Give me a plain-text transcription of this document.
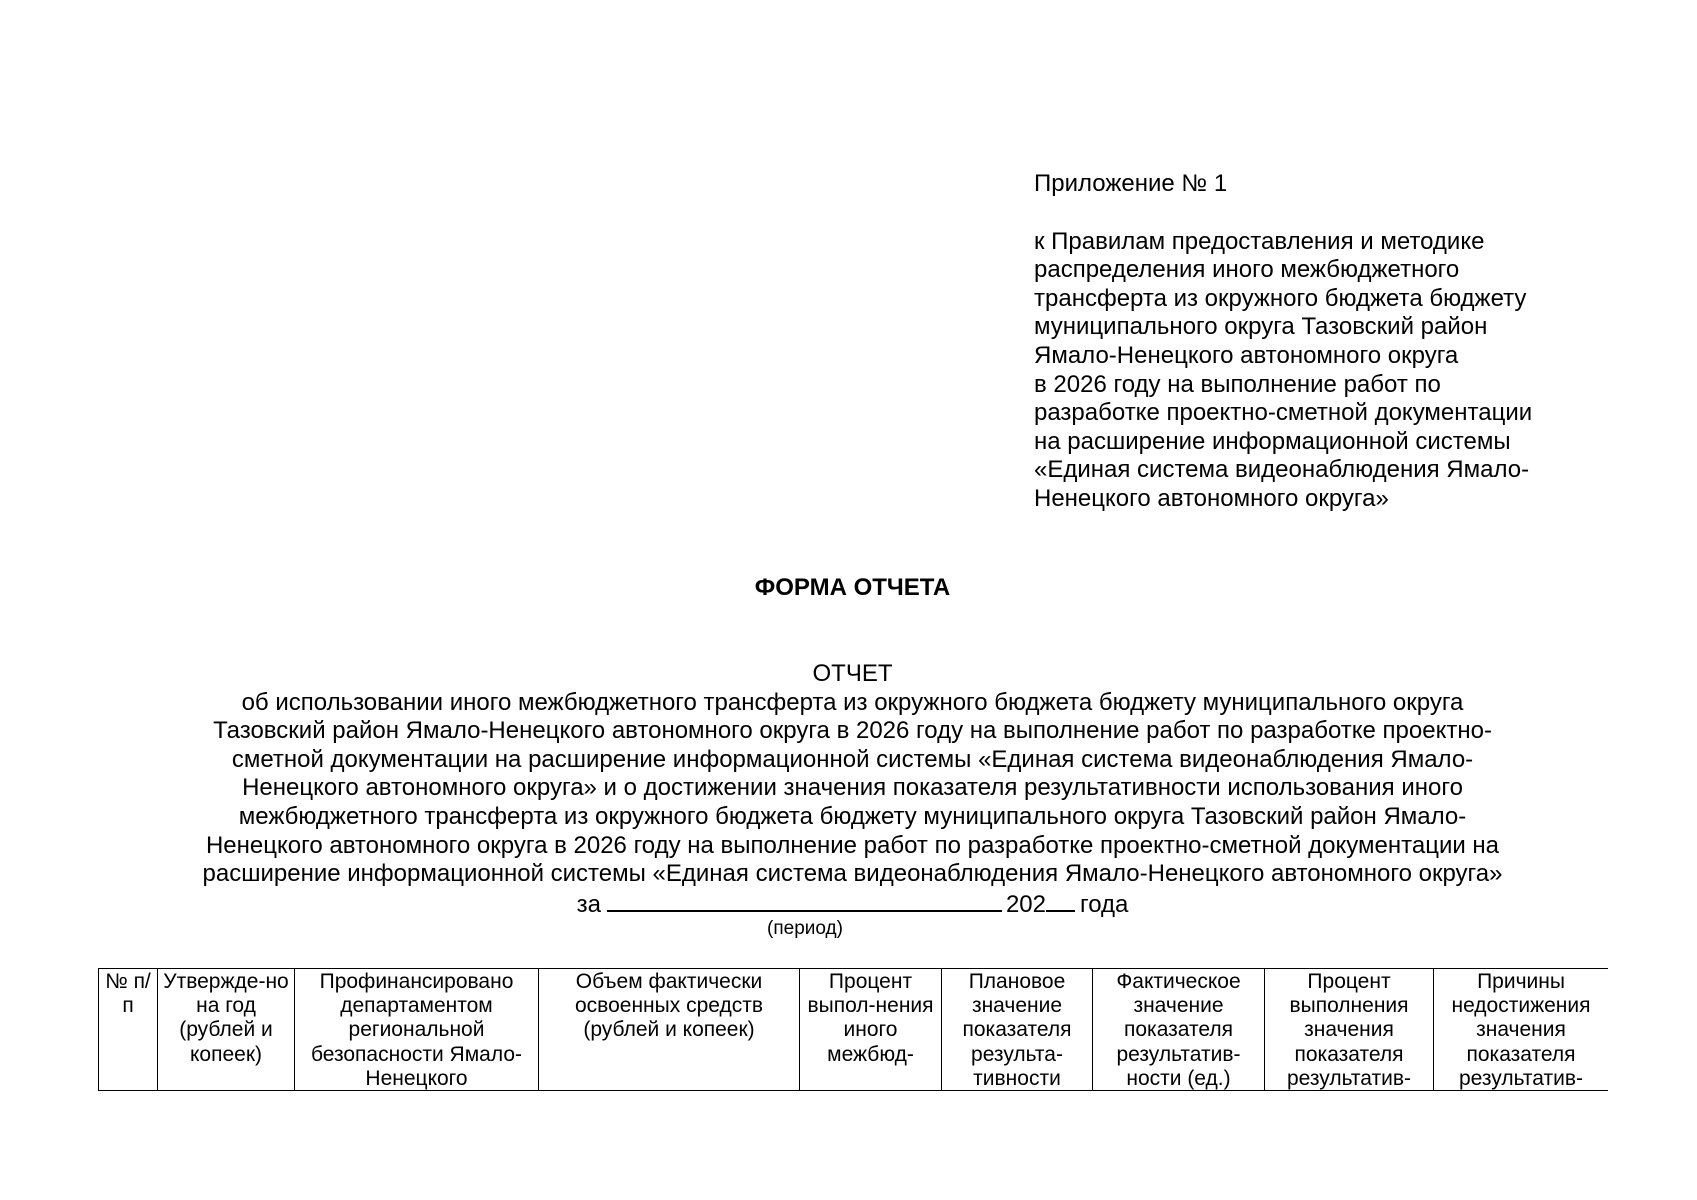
Приложение № 1
к Правилам предоставления и методике
распределения иного межбюджетного
трансферта из окружного бюджета бюджету
муниципального округа Тазовский район
Ямало-Ненецкого автономного округа
в 2026 году на выполнение работ по
разработке проектно-сметной документации
на расширение информационной системы
«Единая система видеонаблюдения Ямало-
Ненецкого автономного округа»
ФОРМА ОТЧЕТА
ОТЧЕТ
об использовании иного межбюджетного трансферта из окружного бюджета бюджету муниципального округа
Тазовский район Ямало-Ненецкого автономного округа в 2026 году на выполнение работ по разработке проектно-
сметной документации на расширение информационной системы «Единая система видеонаблюдения Ямало-
Ненецкого автономного округа» и о достижении значения показателя результативности использования иного
межбюджетного трансферта из окружного бюджета бюджету муниципального округа Тазовский район Ямало-
Ненецкого автономного округа в 2026 году на выполнение работ по разработке проектно-сметной документации на
расширение информационной системы «Единая система видеонаблюдения Ямало-Ненецкого автономного округа»
за	202 года
(период)
№ п/п	Утвержде-но на год (рублей и копеек)	Профинансировано департаментом региональной безопасности Ямало-Ненецкого	Объем фактически освоенных средств (рублей и копеек)	Процент выпол-нения иного межбюд-	Плановое значение показателя результа-тивности	Фактическое значение показателя результатив-ности (ед.)	Процент выполнения значения показателя результатив-	Причины недостижения значения показателя результатив-
